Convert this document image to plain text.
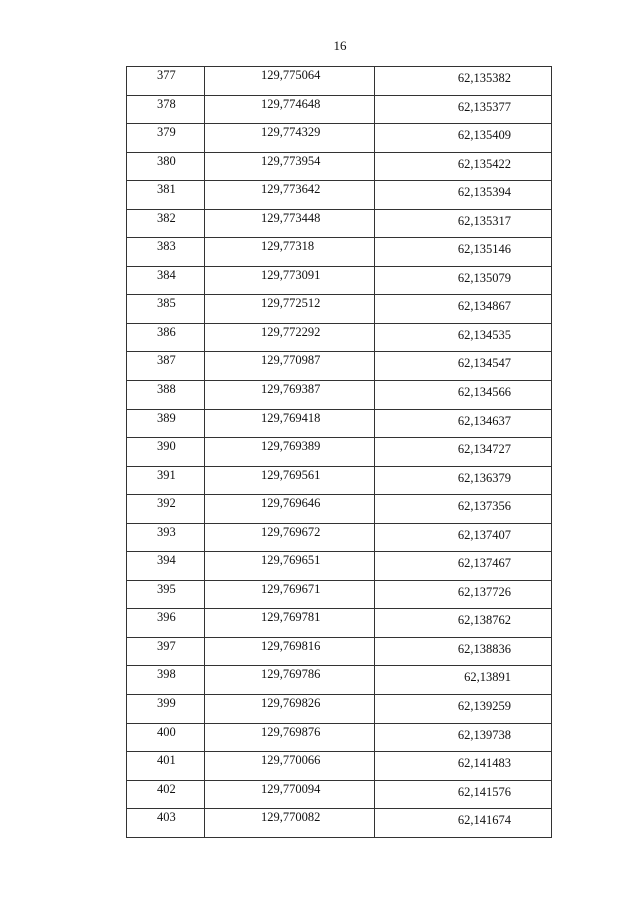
16
377	129,775064	62,135382
378	129,774648	62,135377
379	129,774329	62,135409
380	129,773954	62,135422
381	129,773642	62,135394
382	129,773448	62,135317
383	129,77318	62,135146
384	129,773091	62,135079
385	129,772512	62,134867
386	129,772292	62,134535
387	129,770987	62,134547
388	129,769387	62,134566
389	129,769418	62,134637
390	129,769389	62,134727
391	129,769561	62,136379
392	129,769646	62,137356
393	129,769672	62,137407
394	129,769651	62,137467
395	129,769671	62,137726
396	129,769781	62,138762
397	129,769816	62,138836
398	129,769786	62,13891
399	129,769826	62,139259
400	129,769876	62,139738
401	129,770066	62,141483
402	129,770094	62,141576
403	129,770082	62,141674
